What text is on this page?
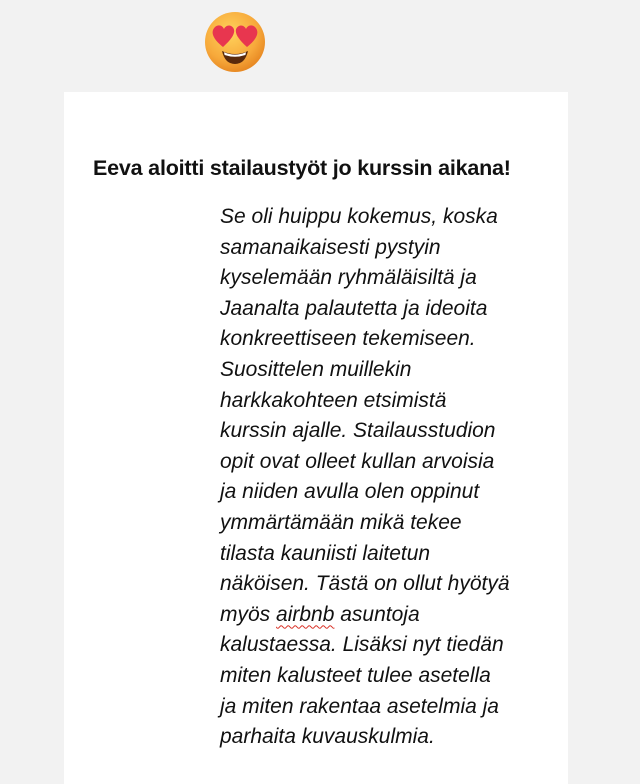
Eeva aloitti stailaustyöt jo kurssin aikana!
Se oli huippu kokemus, koska
samanaikaisesti pystyin
kyselemään ryhmäläisiltä ja
Jaanalta palautetta ja ideoita
konkreettiseen tekemiseen.
Suosittelen muillekin
harkkakohteen etsimistä
kurssin ajalle. Stailausstudion
opit ovat olleet kullan arvoisia
ja niiden avulla olen oppinut
ymmärtämään mikä tekee
tilasta kauniisti laitetun
näköisen. Tästä on ollut hyötyä
myös airbnb asuntoja
kalustaessa. Lisäksi nyt tiedän
miten kalusteet tulee asetella
ja miten rakentaa asetelmia ja
parhaita kuvauskulmia.
